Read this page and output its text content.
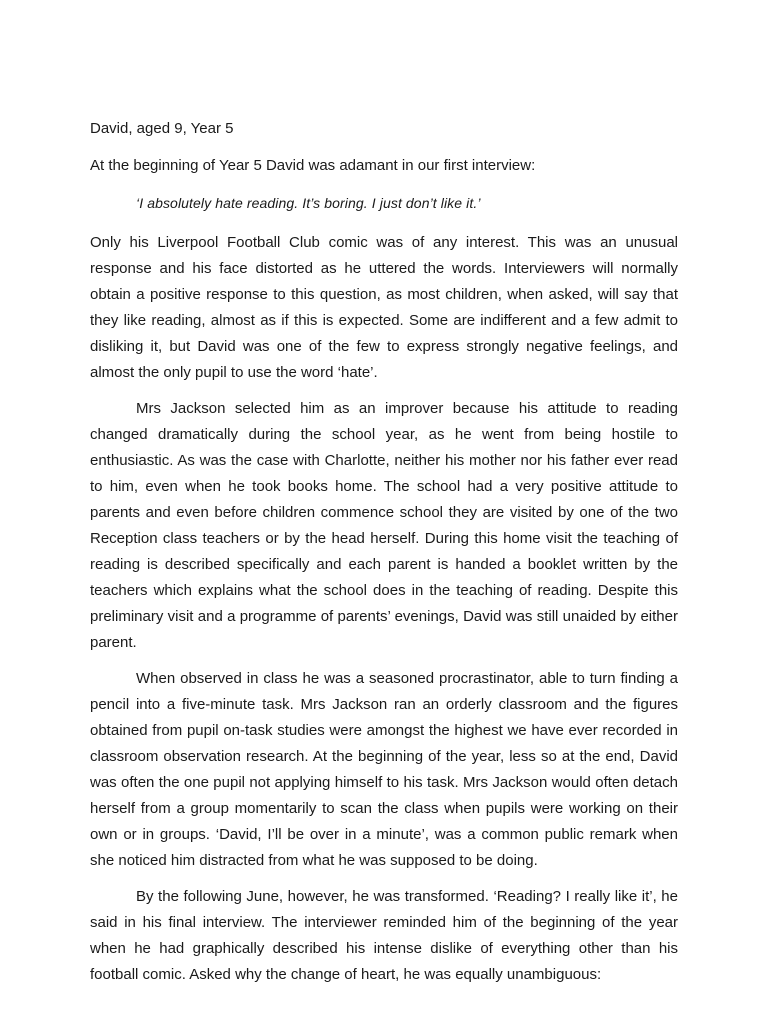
David, aged 9, Year 5

At the beginning of Year 5 David was adamant in our first interview:

‘I absolutely hate reading. It’s boring. I just don’t like it.’

Only his Liverpool Football Club comic was of any interest. This was an unusual response and his face distorted as he uttered the words. Interviewers will normally obtain a positive response to this question, as most children, when asked, will say that they like reading, almost as if this is expected. Some are indifferent and a few admit to disliking it, but David was one of the few to express strongly negative feelings, and almost the only pupil to use the word ‘hate’.

Mrs Jackson selected him as an improver because his attitude to reading changed dramatically during the school year, as he went from being hostile to enthusiastic. As was the case with Charlotte, neither his mother nor his father ever read to him, even when he took books home. The school had a very positive attitude to parents and even before children commence school they are visited by one of the two Reception class teachers or by the head herself. During this home visit the teaching of reading is described specifically and each parent is handed a booklet written by the teachers which explains what the school does in the teaching of reading. Despite this preliminary visit and a programme of parents’ evenings, David was still unaided by either parent.

When observed in class he was a seasoned procrastinator, able to turn finding a pencil into a five-minute task. Mrs Jackson ran an orderly classroom and the figures obtained from pupil on-task studies were amongst the highest we have ever recorded in classroom observation research. At the beginning of the year, less so at the end, David was often the one pupil not applying himself to his task. Mrs Jackson would often detach herself from a group momentarily to scan the class when pupils were working on their own or in groups. ‘David, I’ll be over in a minute’, was a common public remark when she noticed him distracted from what he was supposed to be doing.

By the following June, however, he was transformed. ‘Reading? I really like it’, he said in his final interview. The interviewer reminded him of the beginning of the year when he had graphically described his intense dislike of everything other than his football comic. Asked why the change of heart, he was equally unambiguous:
